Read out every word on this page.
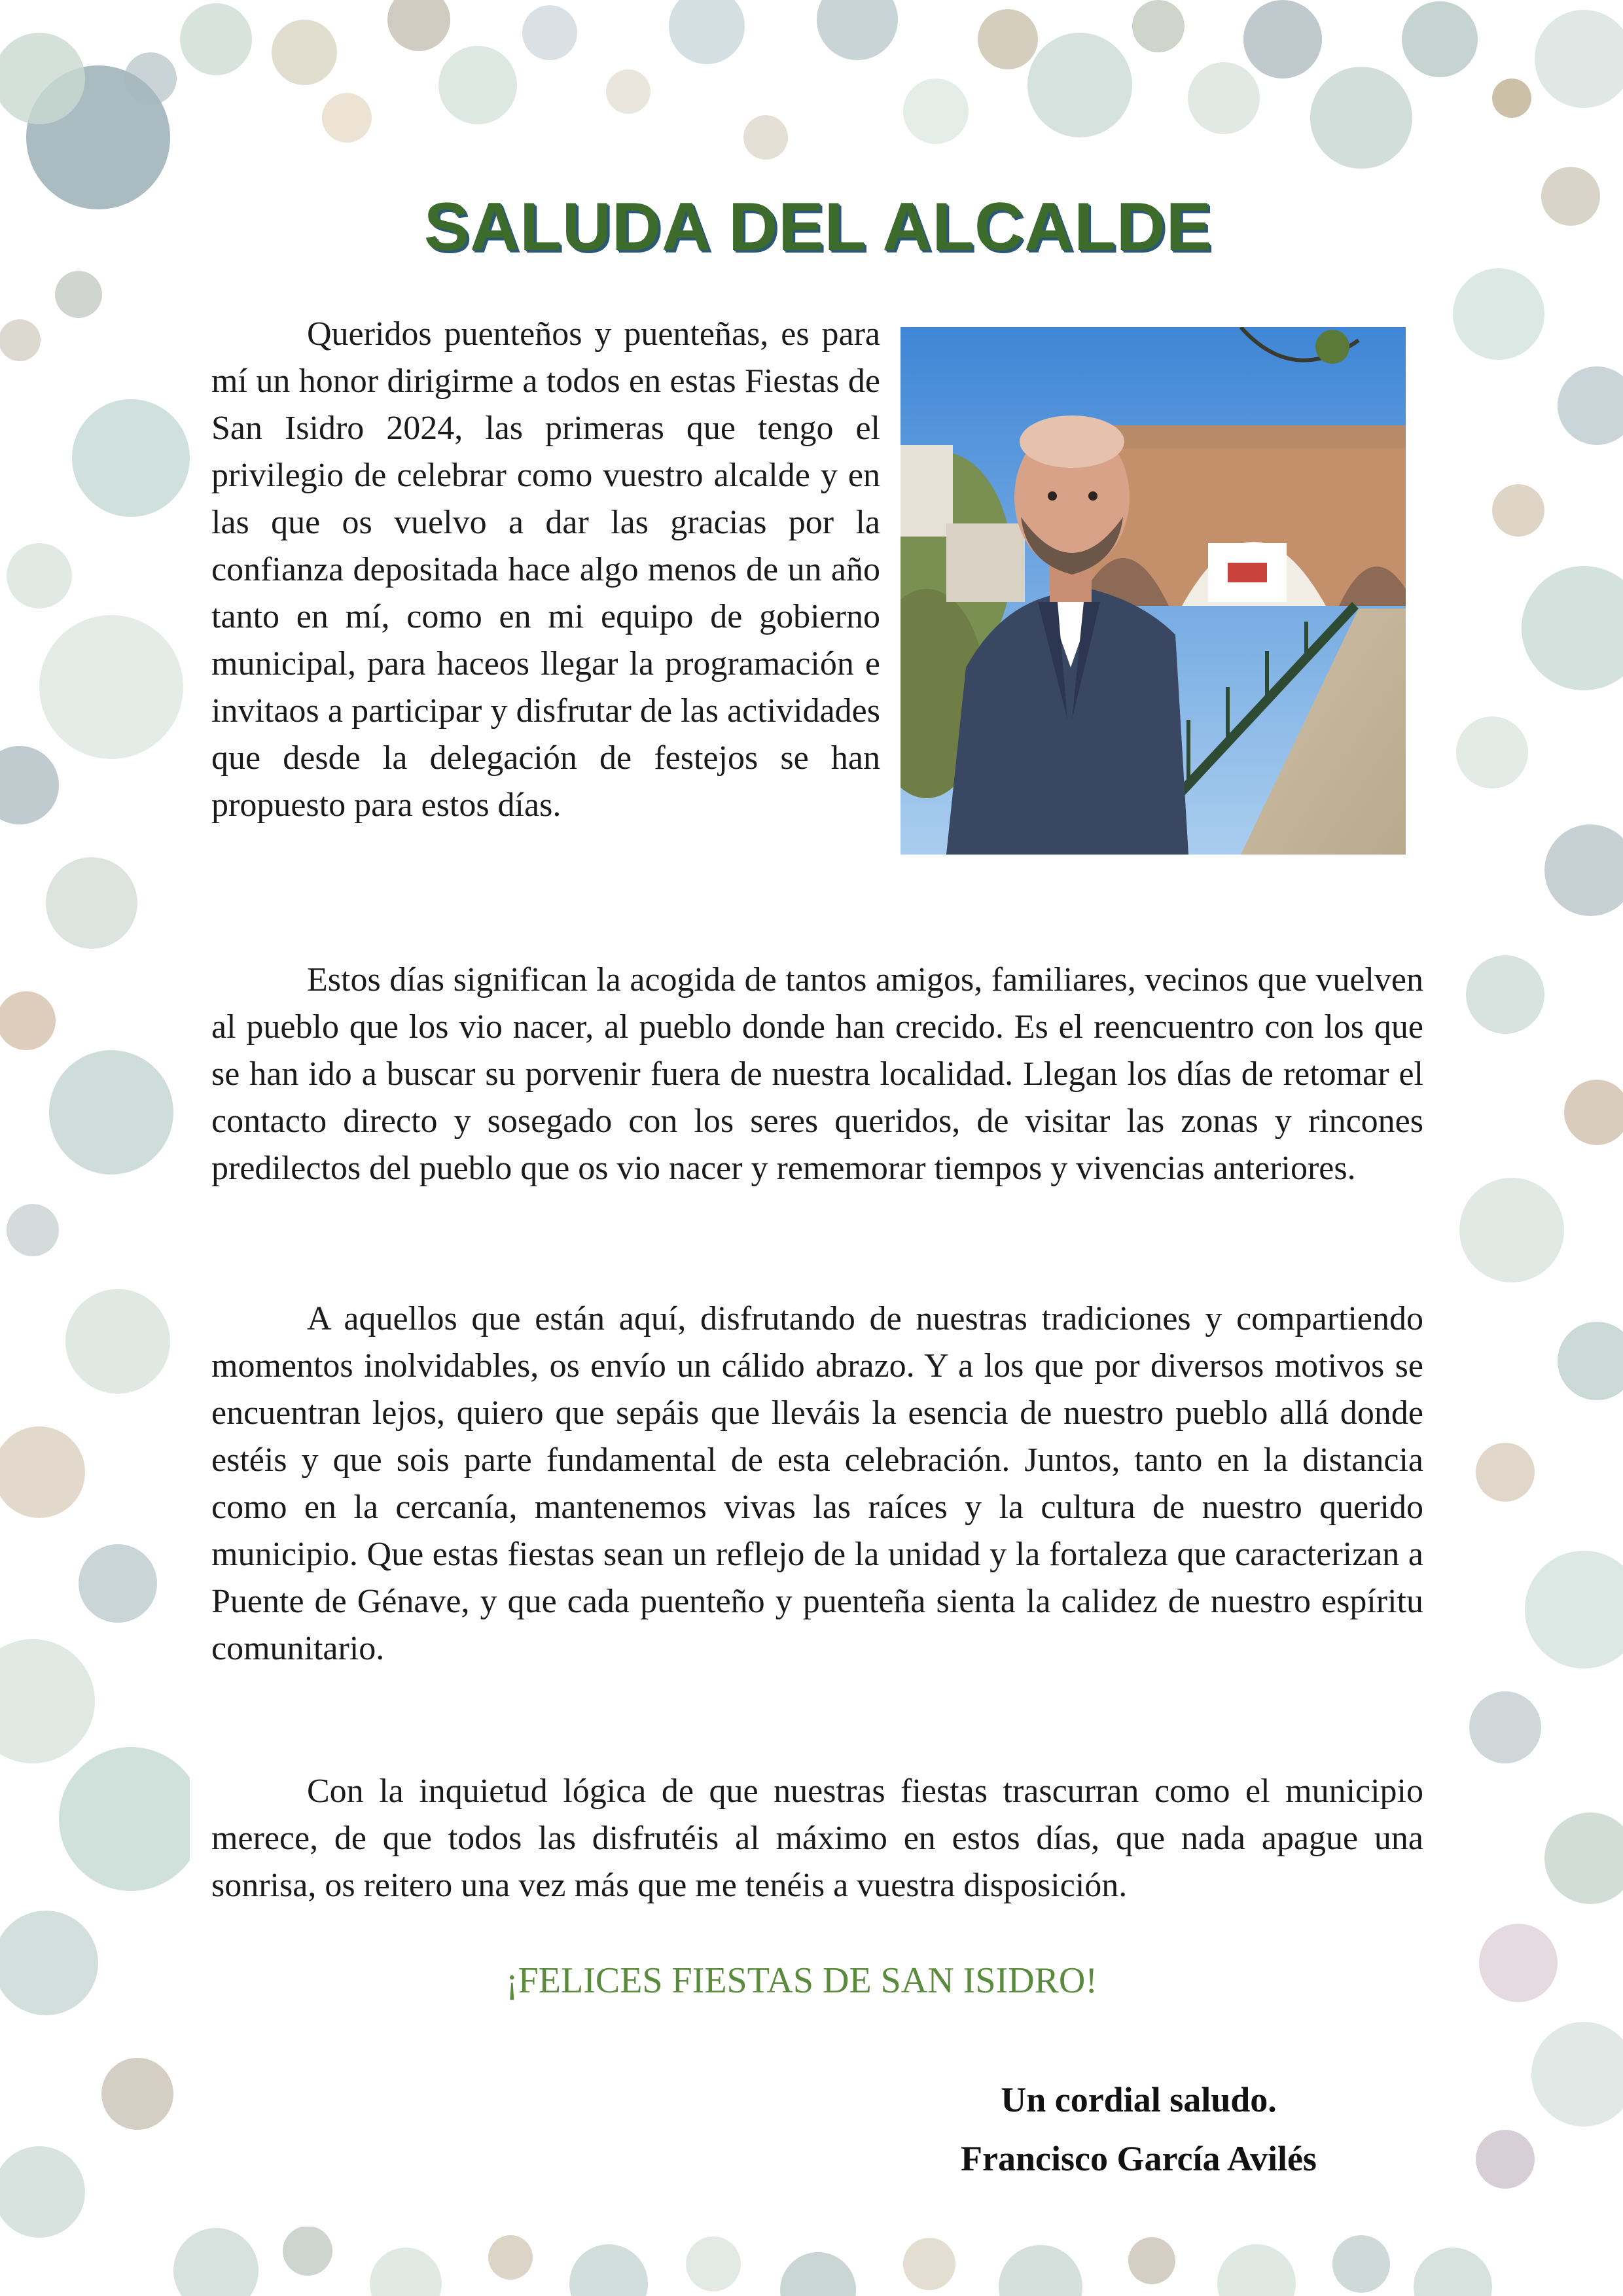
SALUDA DEL ALCALDE

Queridos puenteños y puenteñas, es para mí un honor dirigirme a todos en estas Fiestas de San Isidro 2024, las primeras que tengo el privilegio de celebrar como vuestro alcalde y en las que os vuelvo a dar las gracias por la confianza depositada hace algo menos de un año tanto en mí, como en mi equipo de gobierno municipal, para haceos llegar la programación e invitaos a participar y disfrutar de las actividades que desde la delegación de festejos se han propuesto para estos días.

Estos días significan la acogida de tantos amigos, familiares, vecinos que vuelven al pueblo que los vio nacer, al pueblo donde han crecido. Es el reencuentro con los que se han ido a buscar su porvenir fuera de nuestra localidad. Llegan los días de retomar el contacto directo y sosegado con los seres queridos, de visitar las zonas y rincones predilectos del pueblo que os vio nacer y rememorar tiempos y vivencias anteriores.

A aquellos que están aquí, disfrutando de nuestras tradiciones y compartiendo momentos inolvidables, os envío un cálido abrazo. Y a los que por diversos motivos se encuentran lejos, quiero que sepáis que lleváis la esencia de nuestro pueblo allá donde estéis y que sois parte fundamental de esta celebración. Juntos, tanto en la distancia como en la cercanía, mantenemos vivas las raíces y la cultura de nuestro querido municipio. Que estas fiestas sean un reflejo de la unidad y la fortaleza que caracterizan a Puente de Génave, y que cada puenteño y puenteña sienta la calidez de nuestro espíritu comunitario.

Con la inquietud lógica de que nuestras fiestas trascurran como el municipio merece, de que todos las disfrutéis al máximo en estos días, que nada apague una sonrisa, os reitero una vez más que me tenéis a vuestra disposición.

¡FELICES FIESTAS DE SAN ISIDRO!
Un cordial saludo.
Francisco García Avilés
